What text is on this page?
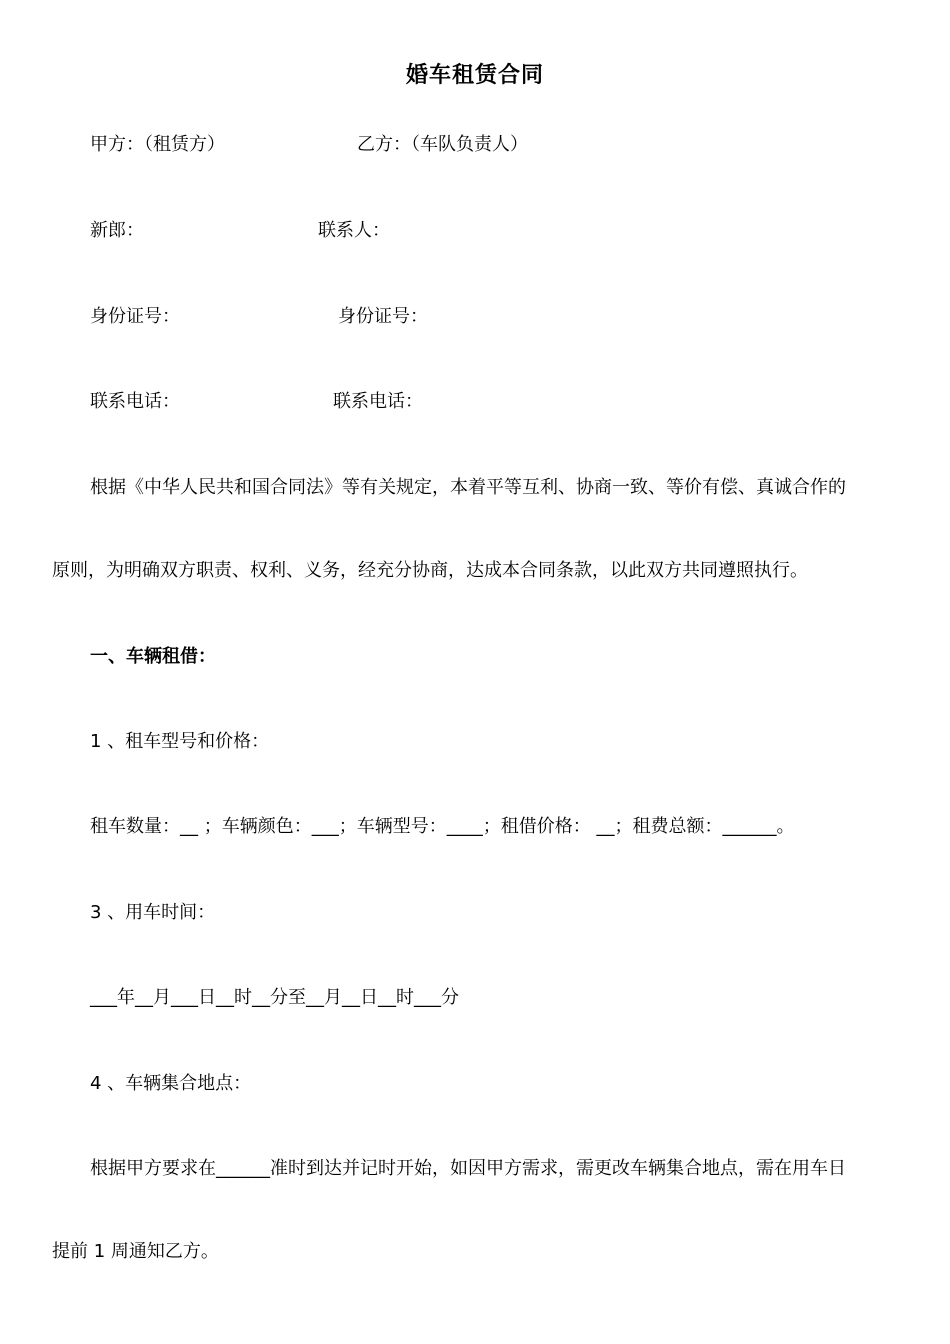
婚车租赁合同
甲方：（租赁方）	乙方：（车队负责人）
新郎：	联系人：
身份证号：	身份证号：
联系电话：	联系电话：
根据《中华人民共和国合同法》等有关规定，本着平等互利、协商一致、等价有偿、真诚合作的
原则，为明确双方职责、权利、义务，经充分协商，达成本合同条款，以此双方共同遵照执行。
一、车辆租借：
1 、租车型号和价格：
租车数量：__ ；车辆颜色：___；车辆型号：____；租借价格： __；租费总额：______。
3 、用车时间：
___年__月___日__时__分至__月__日__时___分
4 、车辆集合地点：
根据甲方要求在______准时到达并记时开始，如因甲方需求，需更改车辆集合地点，需在用车日
提前 1 周通知乙方。
